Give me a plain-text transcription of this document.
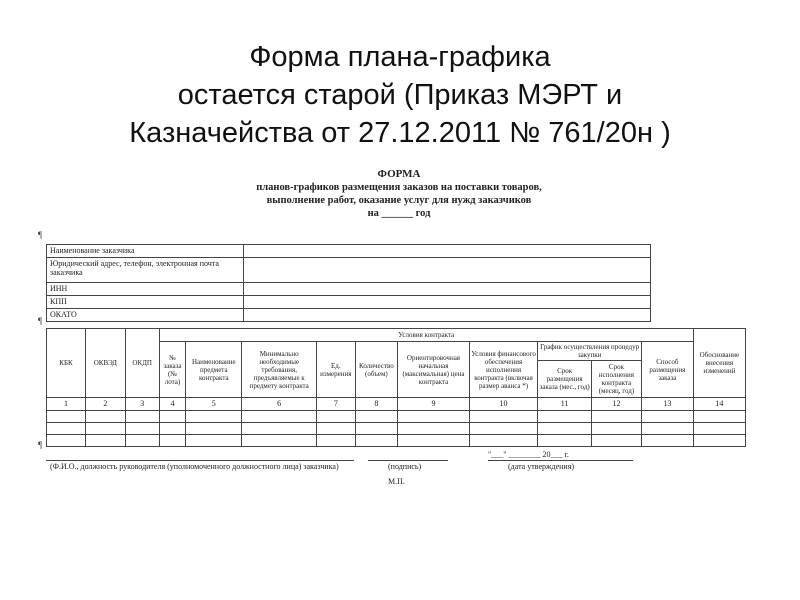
Форма плана-графика
остается старой (Приказ МЭРТ и
Казначейства от 27.12.2011 № 761/20н )
ФОРМА
планов-графиков размещения заказов на поставки товаров,
выполнение работ, оказание услуг для нужд заказчиков
на ______ год
¶
Наименование заказчика	
Юридический адрес, телефон, электронная почта заказчика	
ИНН	
КПП	
ОКАТО	
¶
КБК	ОКВЭД	ОКДП	Условия контракта										Обоснование внесения изменений
			№ заказа (№ лота)	Наименование предмета контракта	Минимально необходимые требования, предъявляемые к предмету контракта	Ед. измерения	Количество (объем)	Ориентировочная начальная (максимальная) цена контракта	Условия финансового обеспечения исполнения контракта (включая размер аванса *)	График осуществления процедур закупки		Способ размещения заказа	
										Срок размещения заказа (мес., год)	Срок исполнения контракта (месяц, год)		
1	2	3	4	5	6	7	8	9	10	11	12	13	14

¶
(Ф.И.О., должность руководителя (уполномоченного должностного лица) заказчика)	(подпись)
"___" ________ 20___ г.
(дата утверждения)
М.П.
